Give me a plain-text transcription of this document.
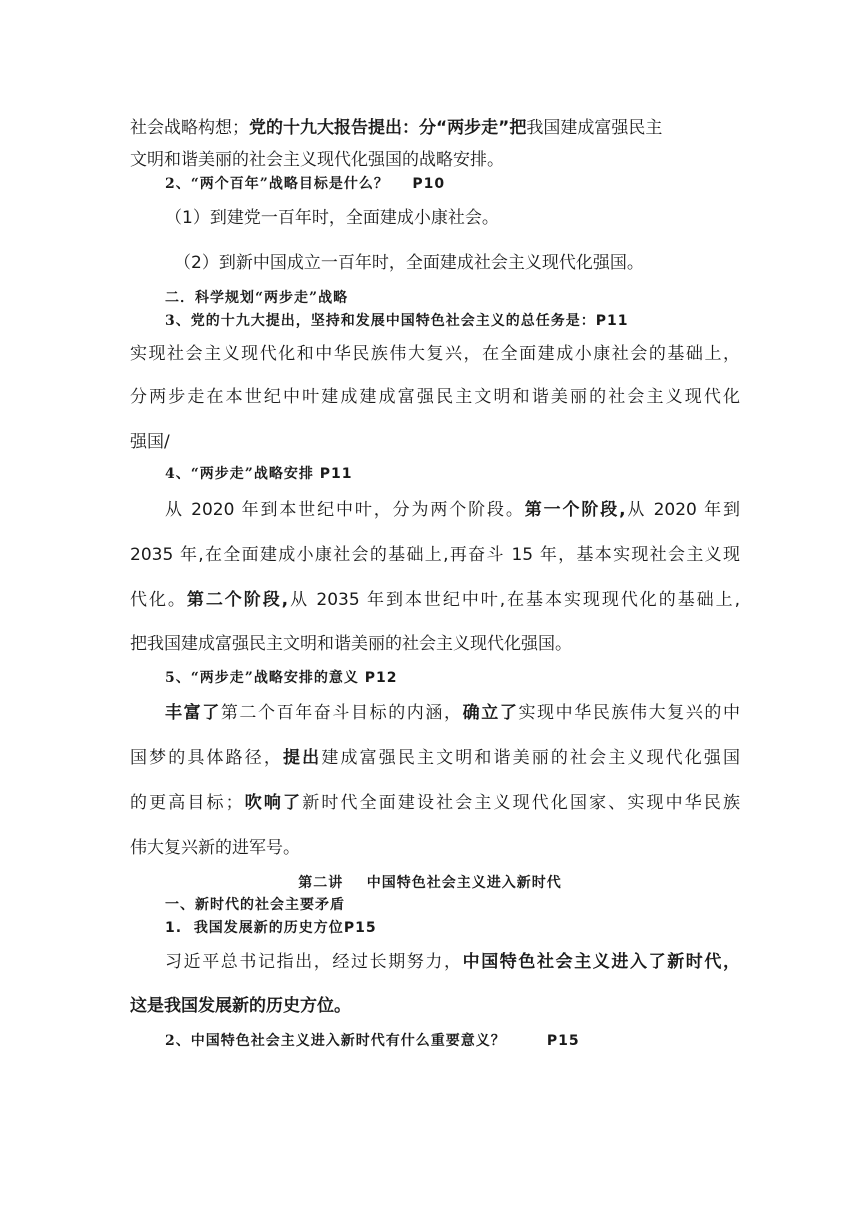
社会战略构想；党的十九大报告提出：分“两步走”把我国建成富强民主
文明和谐美丽的社会主义现代化强国的战略安排。
2、“两个百年”战略目标是什么？ P10
（1）到建党一百年时，全面建成小康社会。
（2）到新中国成立一百年时，全面建成社会主义现代化强国。
二．科学规划“两步走”战略
3、党的十九大提出，坚持和发展中国特色社会主义的总任务是：P11
实现社会主义现代化和中华民族伟大复兴，在全面建成小康社会的基础上，
分两步走在本世纪中叶建成建成富强民主文明和谐美丽的社会主义现代化
强国/
4、“两步走”战略安排 P11
从 2020 年到本世纪中叶，分为两个阶段。第一个阶段,从 2020 年到
2035 年,在全面建成小康社会的基础上,再奋斗 15 年，基本实现社会主义现
代化。第二个阶段,从 2035 年到本世纪中叶,在基本实现现代化的基础上,
把我国建成富强民主文明和谐美丽的社会主义现代化强国。
5、“两步走”战略安排的意义 P12
丰富了第二个百年奋斗目标的内涵，确立了实现中华民族伟大复兴的中
国梦的具体路径，提出建成富强民主文明和谐美丽的社会主义现代化强国
的更高目标；吹响了新时代全面建设社会主义现代化国家、实现中华民族
伟大复兴新的进军号。
第二讲    中国特色社会主义进入新时代
一、新时代的社会主要矛盾
1. 我国发展新的历史方位P15
习近平总书记指出，经过长期努力，中国特色社会主义进入了新时代，
这是我国发展新的历史方位。
2、中国特色社会主义进入新时代有什么重要意义？	P15
